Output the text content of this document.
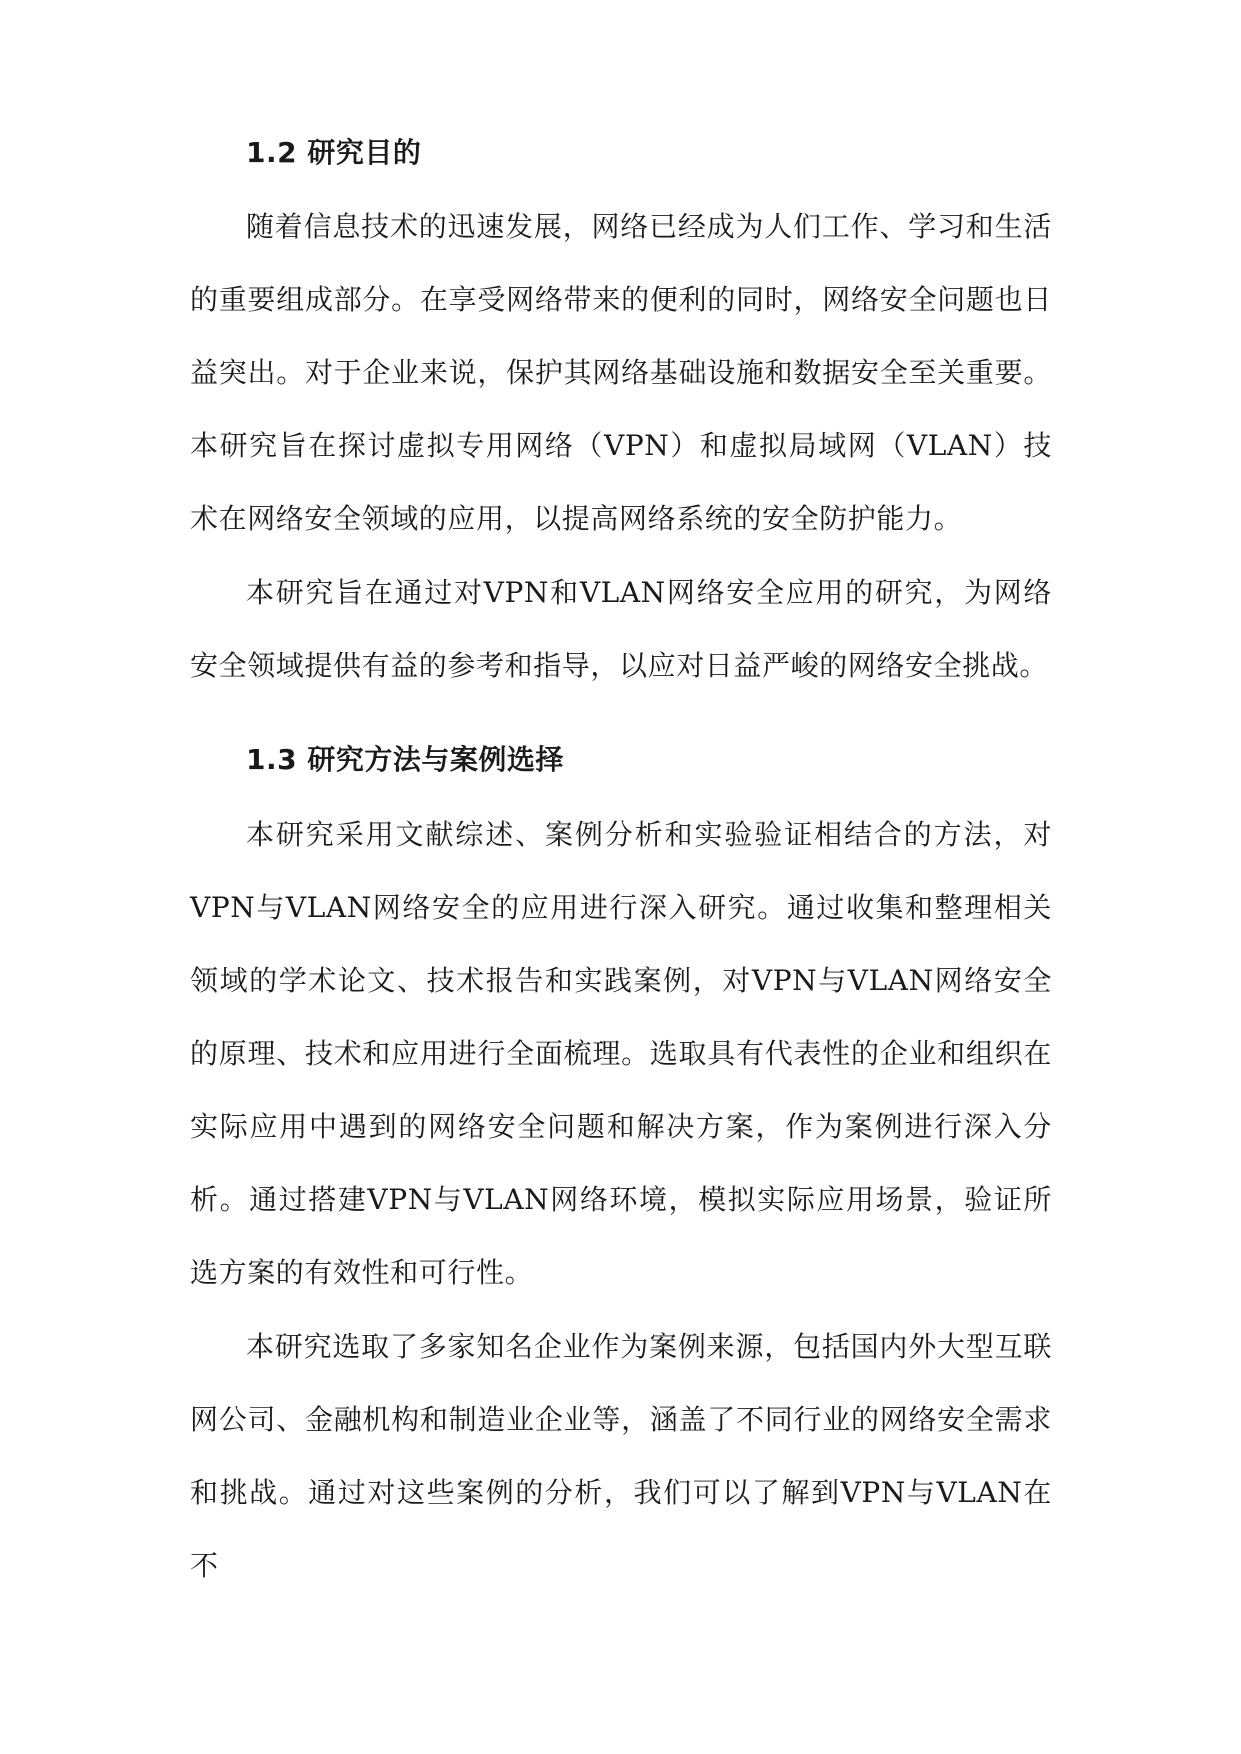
1.2 研究目的

随着信息技术的迅速发展，网络已经成为人们工作、学习和生活的重要组成部分。在享受网络带来的便利的同时，网络安全问题也日益突出。对于企业来说，保护其网络基础设施和数据安全至关重要。本研究旨在探讨虚拟专用网络（VPN）和虚拟局域网（VLAN）技术在网络安全领域的应用，以提高网络系统的安全防护能力。

本研究旨在通过对VPN和VLAN网络安全应用的研究，为网络安全领域提供有益的参考和指导，以应对日益严峻的网络安全挑战。

1.3 研究方法与案例选择

本研究采用文献综述、案例分析和实验验证相结合的方法，对VPN与VLAN网络安全的应用进行深入研究。通过收集和整理相关领域的学术论文、技术报告和实践案例，对VPN与VLAN网络安全的原理、技术和应用进行全面梳理。选取具有代表性的企业和组织在实际应用中遇到的网络安全问题和解决方案，作为案例进行深入分析。通过搭建VPN与VLAN网络环境，模拟实际应用场景，验证所选方案的有效性和可行性。

本研究选取了多家知名企业作为案例来源，包括国内外大型互联网公司、金融机构和制造业企业等，涵盖了不同行业的网络安全需求和挑战。通过对这些案例的分析，我们可以了解到VPN与VLAN在不
